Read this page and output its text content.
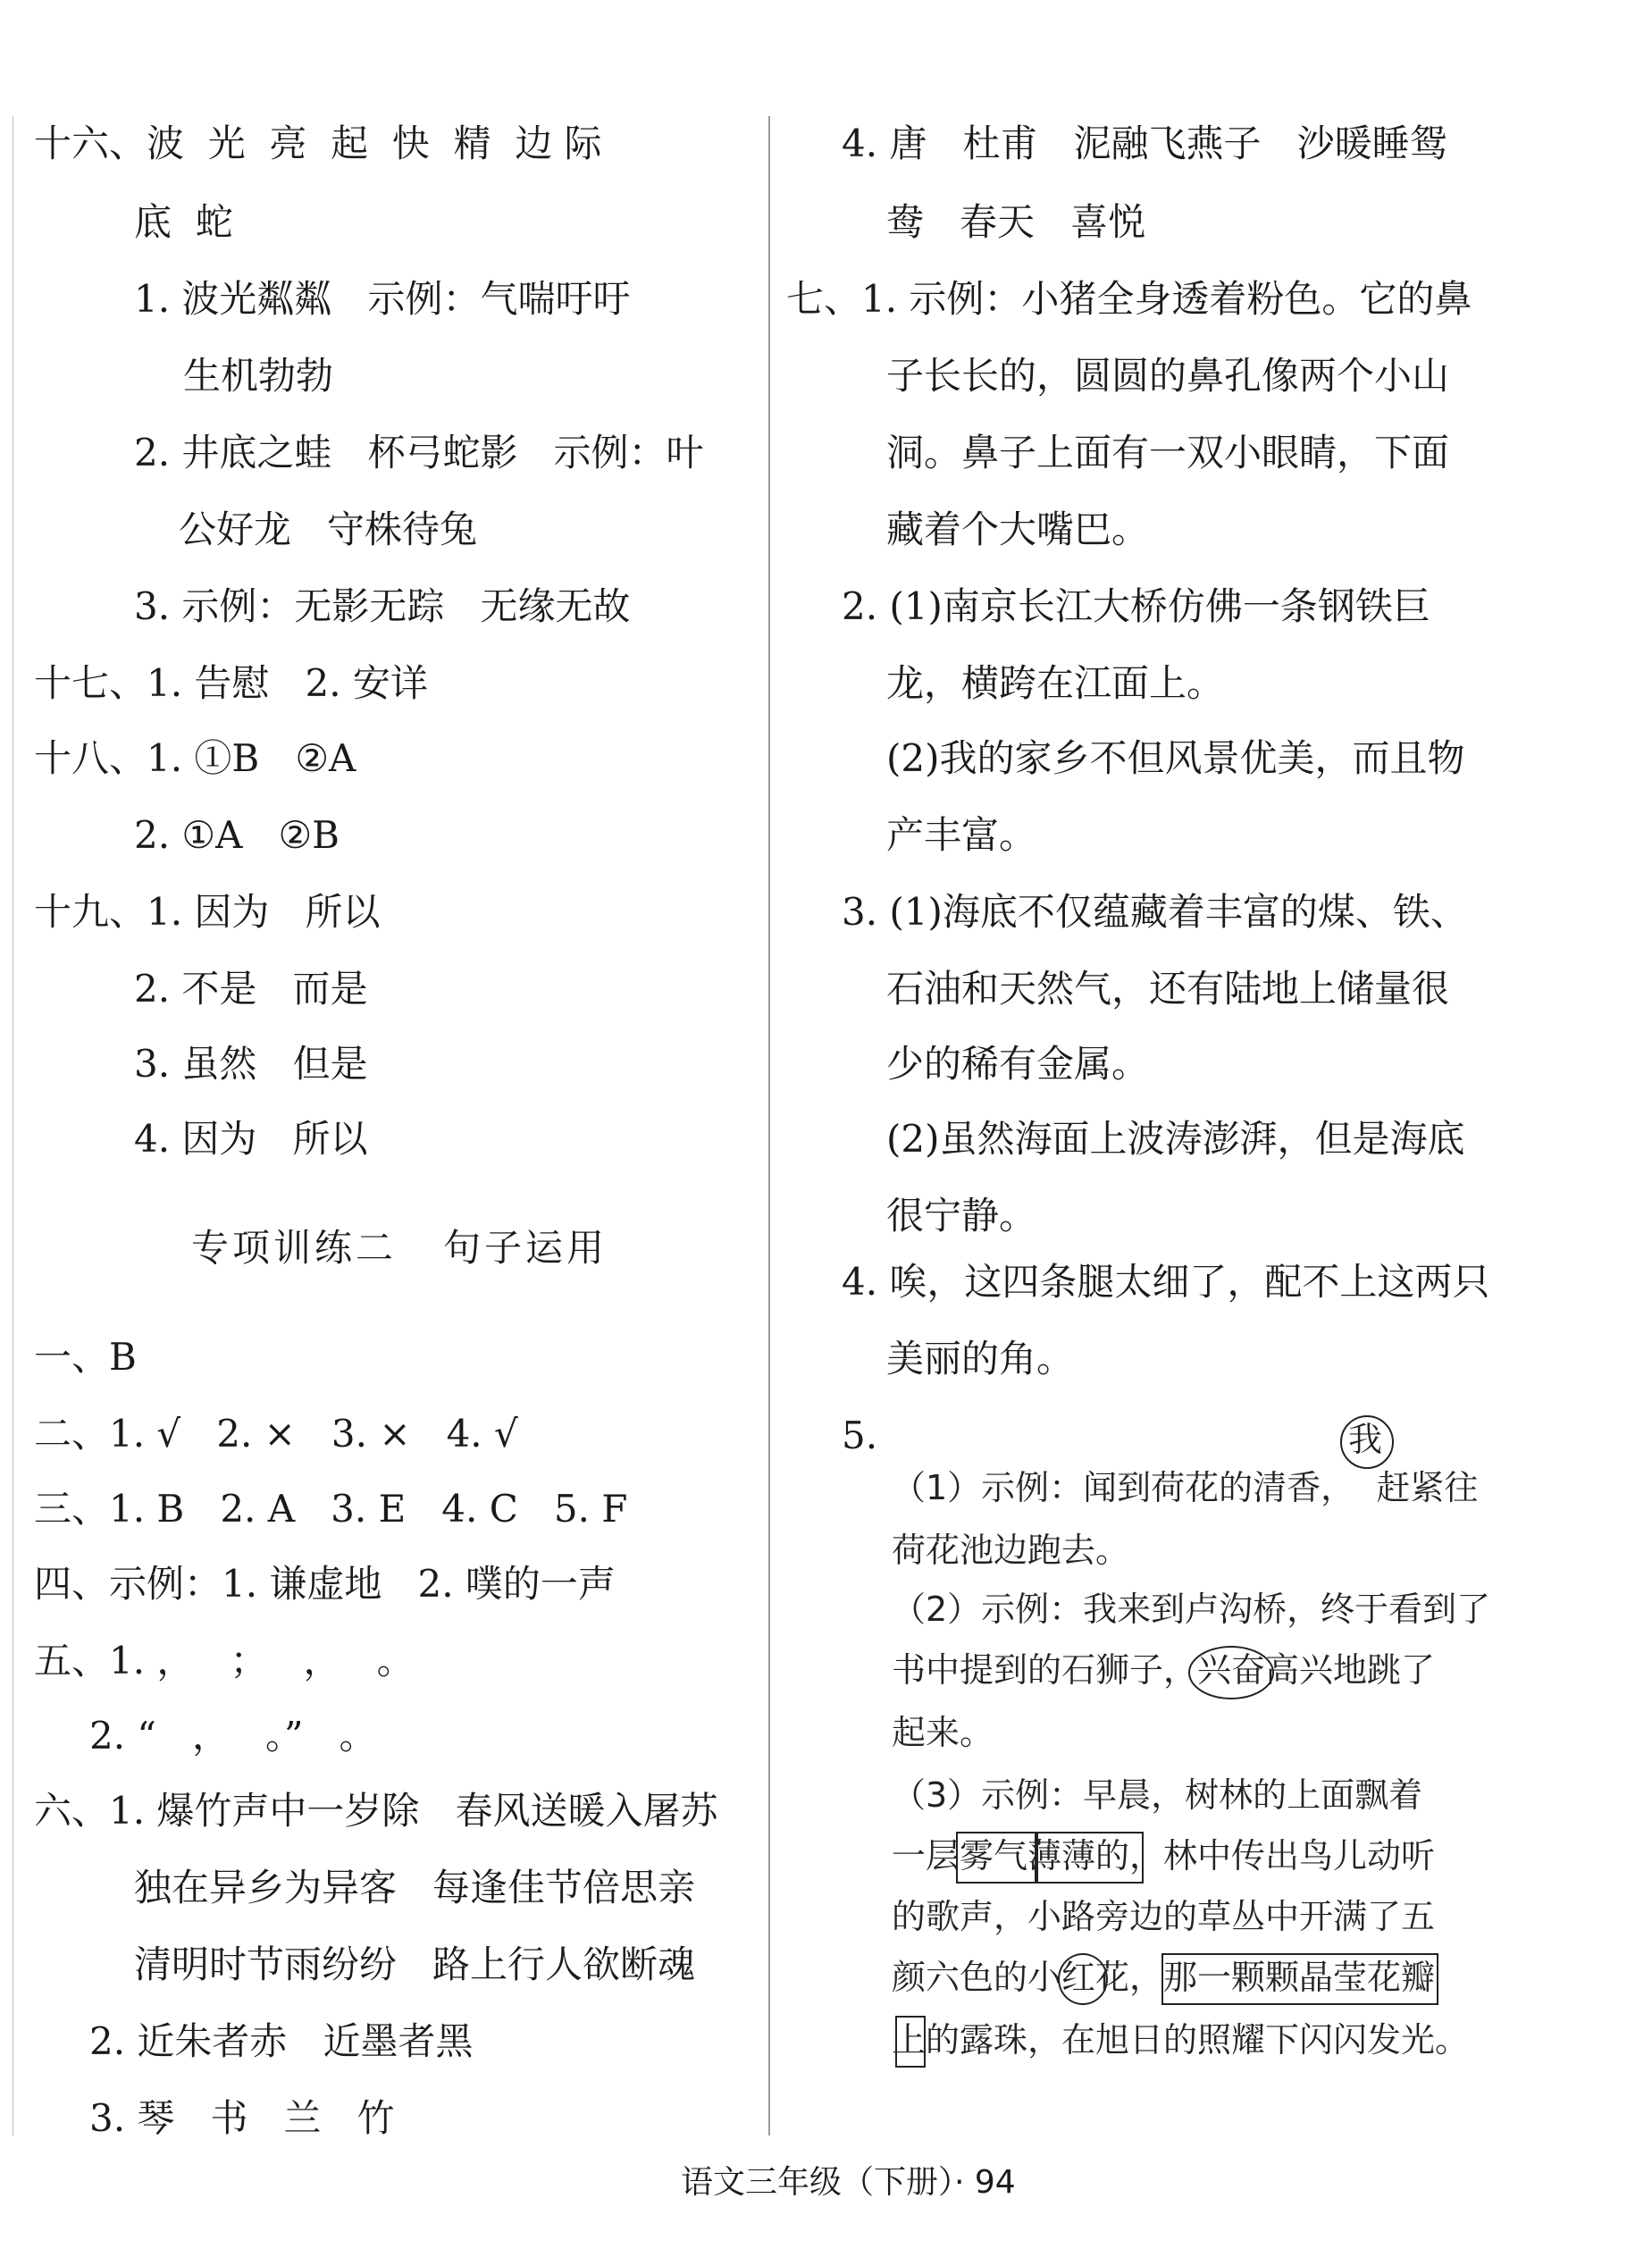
十六、波  光  亮  起  快  精  边 际
底  蛇
1. 波光粼粼   示例：气喘吁吁
生机勃勃
2. 井底之蛙   杯弓蛇影   示例：叶
公好龙   守株待兔
3. 示例：无影无踪   无缘无故
十七、1. 告慰   2. 安详
十八、1. ①B   ②A
2. ①A   ②B
十九、1. 因为   所以
2. 不是   而是
3. 虽然   但是
4. 因为   所以
专项训练二   句子运用
一、B
二、1. √   2. ×   3. ×   4. √
三、1. B   2. A   3. E   4. C   5. F
四、示例：1. 谦虚地   2. 噗的一声
五、1. ，   ；   ，   。
2. “   ，   。”   。
六、1. 爆竹声中一岁除   春风送暖入屠苏
独在异乡为异客   每逢佳节倍思亲
清明时节雨纷纷   路上行人欲断魂
2. 近朱者赤   近墨者黑
3. 琴   书   兰   竹
4. 唐   杜甫   泥融飞燕子   沙暖睡鸳
鸯   春天   喜悦
七、1. 示例：小猪全身透着粉色。它的鼻
子长长的，圆圆的鼻孔像两个小山
洞。鼻子上面有一双小眼睛，下面
藏着个大嘴巴。
2. (1)南京长江大桥仿佛一条钢铁巨
龙，横跨在江面上。
(2)我的家乡不但风景优美，而且物
产丰富。
3. (1)海底不仅蕴藏着丰富的煤、铁、
石油和天然气，还有陆地上储量很
少的稀有金属。
(2)虽然海面上波涛澎湃，但是海底
很宁静。
4. 唉，这四条腿太细了，配不上这两只
美丽的角。
5.	我
（1）示例：闻到荷花的清香，  赶紧往
荷花池边跑去。
（2）示例：我来到卢沟桥，终于看到了
书中提到的石狮子，兴奋高兴地跳了
起来。
（3）示例：早晨，树林的上面飘着
一层雾气薄薄的，林中传出鸟儿动听
的歌声，小路旁边的草丛中开满了五
颜六色的小红花，那一颗颗晶莹花瓣
上的露珠，在旭日的照耀下闪闪发光。
语文三年级（下册）· 94
